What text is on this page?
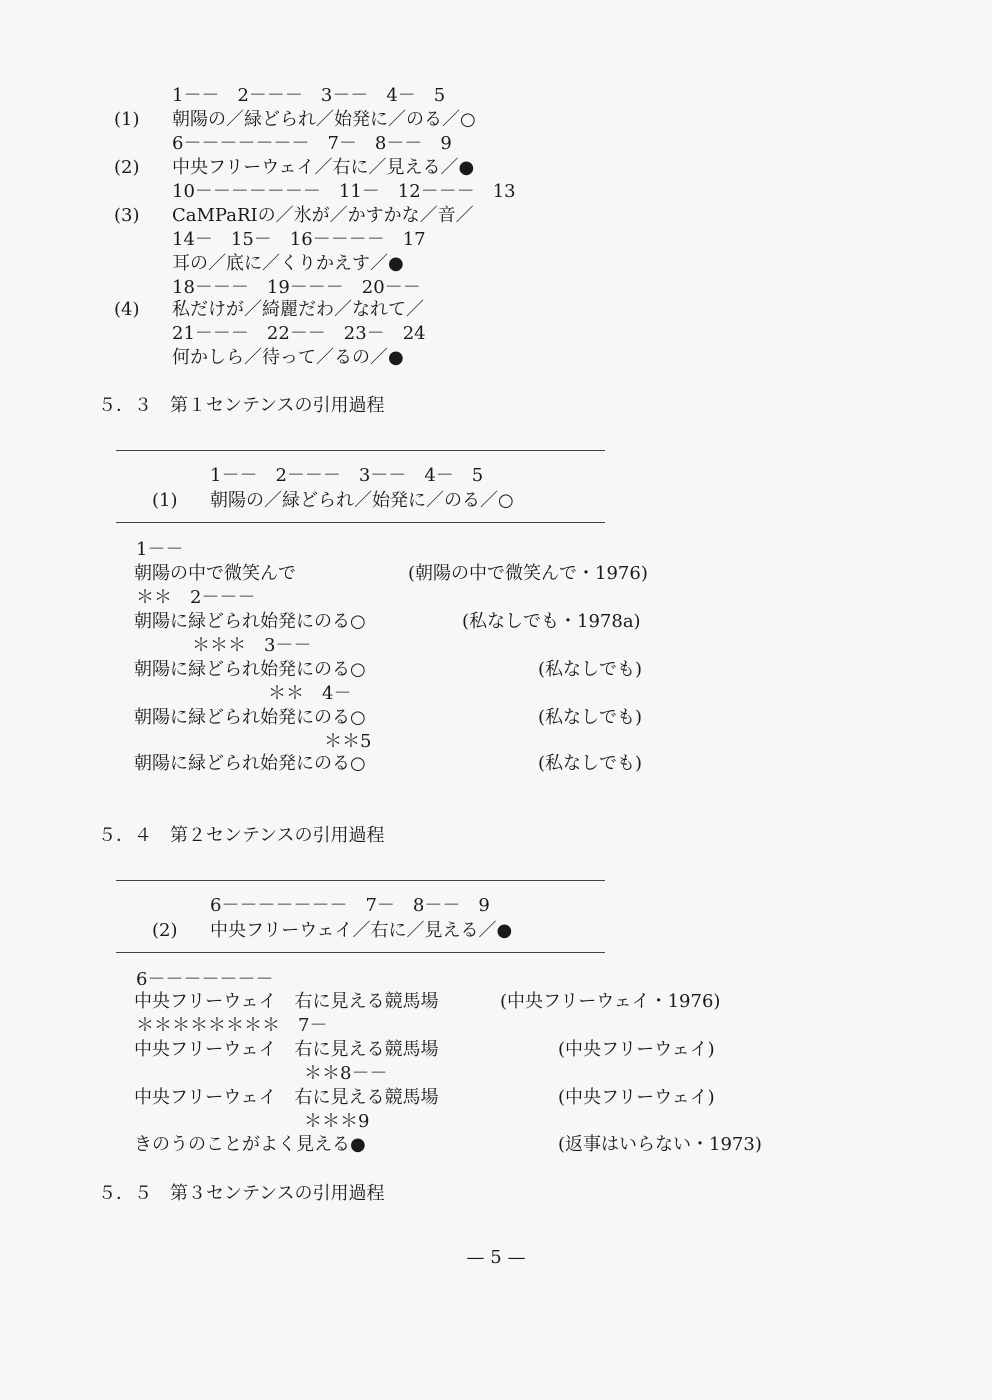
1－－　2－－－　3－－　4－　5
(1) 朝陽の／緑どられ／始発に／のる／○
6－－－－－－－　7－　8－－　9
(2) 中央フリーウェイ／右に／見える／●
10－－－－－－－　11－　12－－－　13
(3) CaMPaRIの／氷が／かすかな／音／
14－　15－　16－－－－　17
耳の／底に／くりかえす／●
18－－－　19－－－　20－－
(4) 私だけが／綺麗だわ／なれて／
21－－－　22－－　23－　24
何かしら／待って／るの／●
５．３　第１センテンスの引用過程
1－－　2－－－　3－－　4－　5
(1) 朝陽の／緑どられ／始発に／のる／○
1－－
朝陽の中で微笑んで	(朝陽の中で微笑んで・1976)
＊＊　2－－－
朝陽に緑どられ始発にのる○	(私なしでも・1978a)
＊＊＊　3－－
朝陽に緑どられ始発にのる○	(私なしでも)
＊＊　4－
朝陽に緑どられ始発にのる○	(私なしでも)
＊＊5
朝陽に緑どられ始発にのる○	(私なしでも)
５．４　第２センテンスの引用過程
6－－－－－－－　7－　8－－　9
(2) 中央フリーウェイ／右に／見える／●
6－－－－－－－
中央フリーウェイ　右に見える競馬場	(中央フリーウェイ・1976)
＊＊＊＊＊＊＊＊　7－
中央フリーウェイ　右に見える競馬場	(中央フリーウェイ)
＊＊8－－
中央フリーウェイ　右に見える競馬場	(中央フリーウェイ)
＊＊＊9
きのうのことがよく見える●	(返事はいらない・1973)
５．５　第３センテンスの引用過程
— 5 —
